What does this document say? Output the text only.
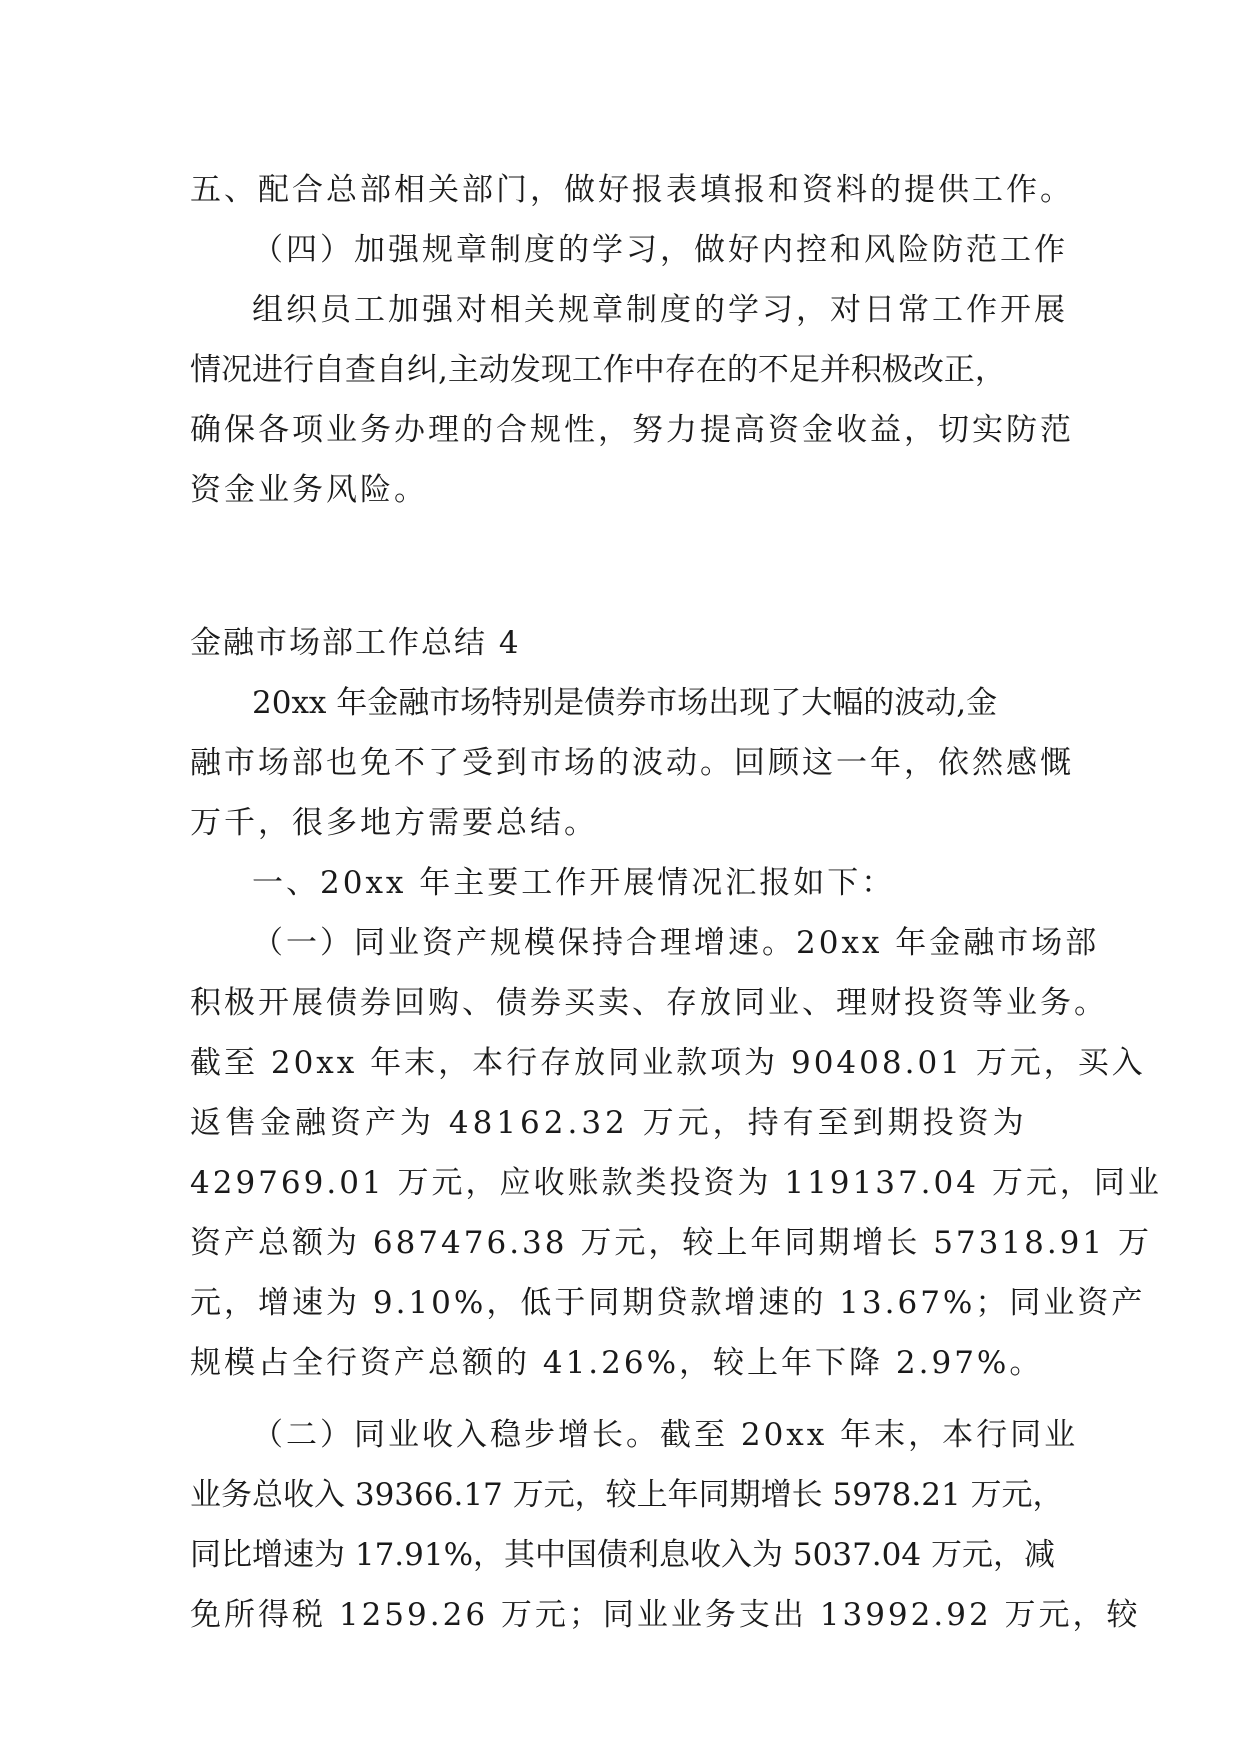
五、配合总部相关部门，做好报表填报和资料的提供工作。
（四）加强规章制度的学习，做好内控和风险防范工作
组织员工加强对相关规章制度的学习，对日常工作开展
情况进行自查自纠,主动发现工作中存在的不足并积极改正，
确保各项业务办理的合规性，努力提高资金收益，切实防范
资金业务风险。
金融市场部工作总结 4
20xx 年金融市场特别是债券市场出现了大幅的波动,金
融市场部也免不了受到市场的波动。回顾这一年，依然感慨
万千，很多地方需要总结。
一、20xx 年主要工作开展情况汇报如下：
（一）同业资产规模保持合理增速。20xx 年金融市场部
积极开展债券回购、债券买卖、存放同业、理财投资等业务。
截至 20xx 年末，本行存放同业款项为 90408.01 万元，买入
返售金融资产为 48162.32 万元，持有至到期投资为
429769.01 万元，应收账款类投资为 119137.04 万元，同业
资产总额为 687476.38 万元，较上年同期增长 57318.91 万
元，增速为 9.10%，低于同期贷款增速的 13.67%；同业资产
规模占全行资产总额的 41.26%，较上年下降 2.97%。
（二）同业收入稳步增长。截至 20xx 年末，本行同业
业务总收入 39366.17 万元，较上年同期增长 5978.21 万元，
同比增速为 17.91%，其中国债利息收入为 5037.04 万元，减
免所得税 1259.26 万元；同业业务支出 13992.92 万元，较
